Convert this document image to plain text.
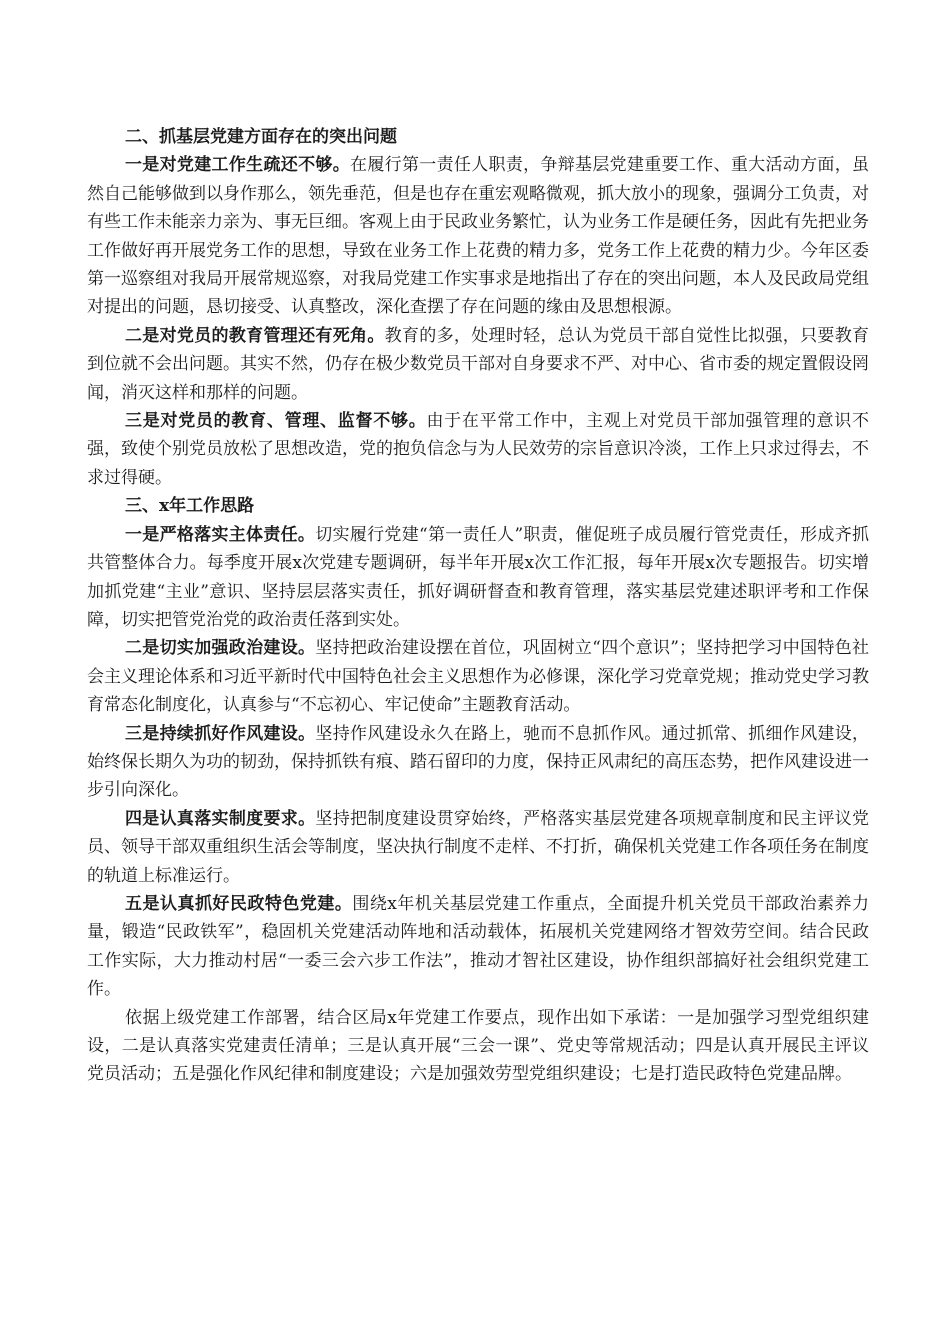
二、抓基层党建方面存在的突出问题

一是对党建工作生疏还不够。在履行第一责任人职责，争辩基层党建重要工作、重大活动方面，虽然自己能够做到以身作那么，领先垂范，但是也存在重宏观略微观，抓大放小的现象，强调分工负责，对有些工作未能亲力亲为、事无巨细。客观上由于民政业务繁忙，认为业务工作是硬任务，因此有先把业务工作做好再开展党务工作的思想，导致在业务工作上花费的精力多，党务工作上花费的精力少。今年区委第一巡察组对我局开展常规巡察，对我局党建工作实事求是地指出了存在的突出问题，本人及民政局党组对提出的问题，恳切接受、认真整改，深化查摆了存在问题的缘由及思想根源。

二是对党员的教育管理还有死角。教育的多，处理时轻，总认为党员干部自觉性比拟强，只要教育到位就不会出问题。其实不然，仍存在极少数党员干部对自身要求不严、对中心、省市委的规定置假设罔闻，消灭这样和那样的问题。

三是对党员的教育、管理、监督不够。由于在平常工作中，主观上对党员干部加强管理的意识不强，致使个别党员放松了思想改造，党的抱负信念与为人民效劳的宗旨意识冷淡，工作上只求过得去，不求过得硬。

三、x年工作思路

一是严格落实主体责任。切实履行党建“第一责任人”职责，催促班子成员履行管党责任，形成齐抓共管整体合力。每季度开展x次党建专题调研，每半年开展x次工作汇报，每年开展x次专题报告。切实增加抓党建“主业”意识、坚持层层落实责任，抓好调研督查和教育管理，落实基层党建述职评考和工作保障，切实把管党治党的政治责任落到实处。

二是切实加强政治建设。坚持把政治建设摆在首位，巩固树立“四个意识”；坚持把学习中国特色社会主义理论体系和习近平新时代中国特色社会主义思想作为必修课，深化学习党章党规；推动党史学习教育常态化制度化，认真参与“不忘初心、牢记使命”主题教育活动。

三是持续抓好作风建设。坚持作风建设永久在路上，驰而不息抓作风。通过抓常、抓细作风建设，始终保长期久为功的韧劲，保持抓铁有痕、踏石留印的力度，保持正风肃纪的高压态势，把作风建设进一步引向深化。

四是认真落实制度要求。坚持把制度建设贯穿始终，严格落实基层党建各项规章制度和民主评议党员、领导干部双重组织生活会等制度，坚决执行制度不走样、不打折，确保机关党建工作各项任务在制度的轨道上标准运行。

五是认真抓好民政特色党建。围绕x年机关基层党建工作重点，全面提升机关党员干部政治素养力量，锻造“民政铁军”，稳固机关党建活动阵地和活动载体，拓展机关党建网络才智效劳空间。结合民政工作实际，大力推动村居“一委三会六步工作法”，推动才智社区建设，协作组织部搞好社会组织党建工作。

依据上级党建工作部署，结合区局x年党建工作要点，现作出如下承诺：一是加强学习型党组织建设，二是认真落实党建责任清单；三是认真开展“三会一课”、党史等常规活动；四是认真开展民主评议党员活动；五是强化作风纪律和制度建设；六是加强效劳型党组织建设；七是打造民政特色党建品牌。
